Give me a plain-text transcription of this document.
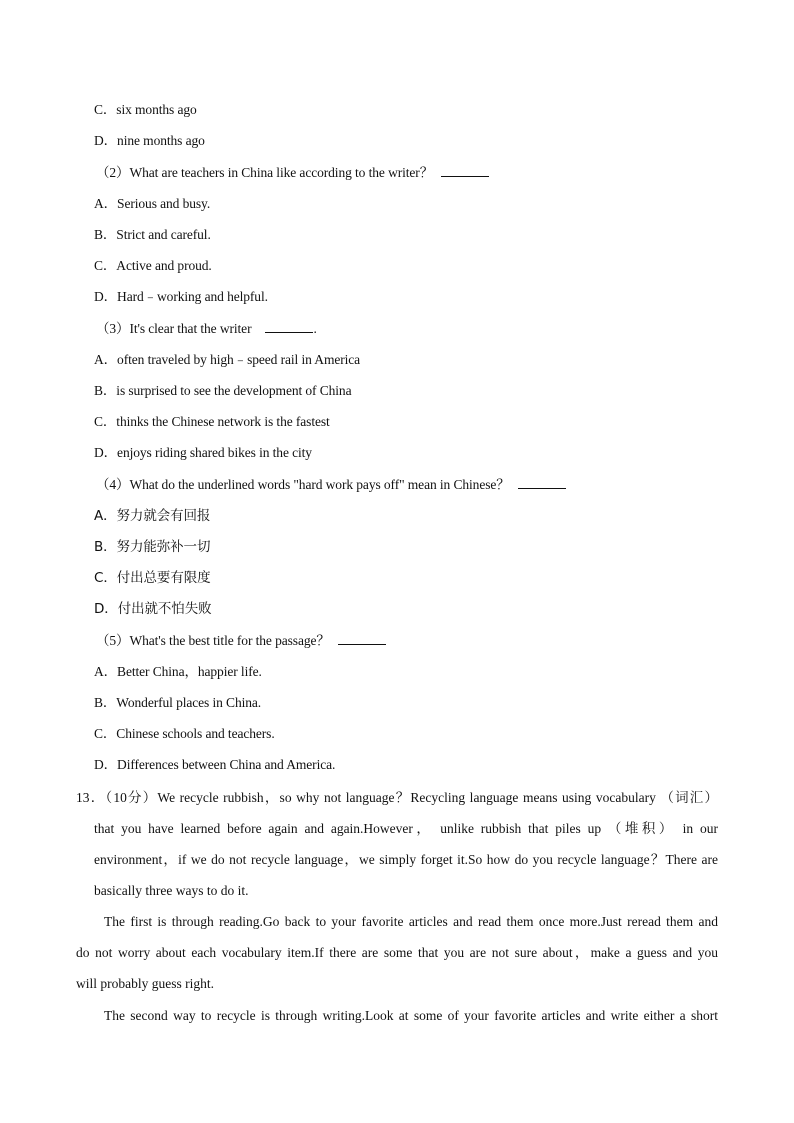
C．six months ago
D．nine months ago
（2）What are teachers in China like according to the writer？
A．Serious and busy.
B．Strict and careful.
C．Active and proud.
D．Hard﹣working and helpful.
（3）It's clear that the writer	.
A．often traveled by high﹣speed rail in America
B．is surprised to see the development of China
C．thinks the Chinese network is the fastest
D．enjoys riding shared bikes in the city
（4）What do the underlined words "hard work pays off" mean in Chinese？
A．努力就会有回报
B．努力能弥补一切
C．付出总要有限度
D．付出就不怕失败
（5）What's the best title for the passage？
A．Better China，happier life.
B．Wonderful places in China.
C．Chinese schools and teachers.
D．Differences between China and America.
13．（10分）We recycle rubbish，so why not language？Recycling language means using vocabulary （词汇）
that you have learned before again and again.However， unlike rubbish that piles up （堆积） in our
environment，if we do not recycle language，we simply forget it.So how do you recycle language？There are
basically three ways to do it.
The first is through reading.Go back to your favorite articles and read them once more.Just reread them and
do not worry about each vocabulary item.If there are some that you are not sure about，make a guess and you
will probably guess right.
The second way to recycle is through writing.Look at some of your favorite articles and write either a short
